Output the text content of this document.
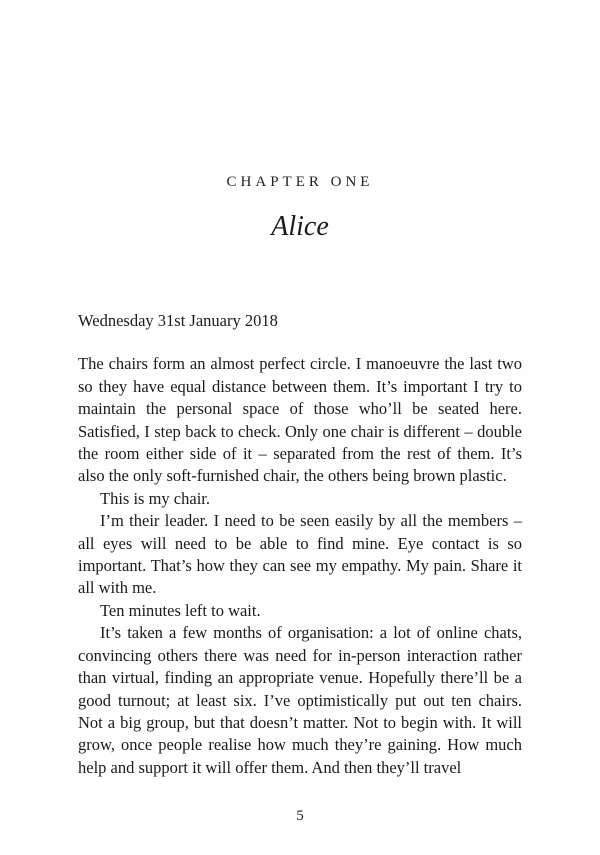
CHAPTER ONE
Alice

Wednesday 31st January 2018

The chairs form an almost perfect circle. I manoeuvre the last two so they have equal distance between them. It’s important I try to maintain the personal space of those who’ll be seated here. Satisfied, I step back to check. Only one chair is different – double the room either side of it – separated from the rest of them. It’s also the only soft-furnished chair, the others being brown plastic.

This is my chair.

I’m their leader. I need to be seen easily by all the members – all eyes will need to be able to find mine. Eye contact is so important. That’s how they can see my empathy. My pain. Share it all with me.

Ten minutes left to wait.

It’s taken a few months of organisation: a lot of online chats, convincing others there was need for in-person interaction rather than virtual, finding an appropriate venue. Hopefully there’ll be a good turnout; at least six. I’ve optimistically put out ten chairs. Not a big group, but that doesn’t matter. Not to begin with. It will grow, once people realise how much they’re gaining. How much help and support it will offer them. And then they’ll travel

5
